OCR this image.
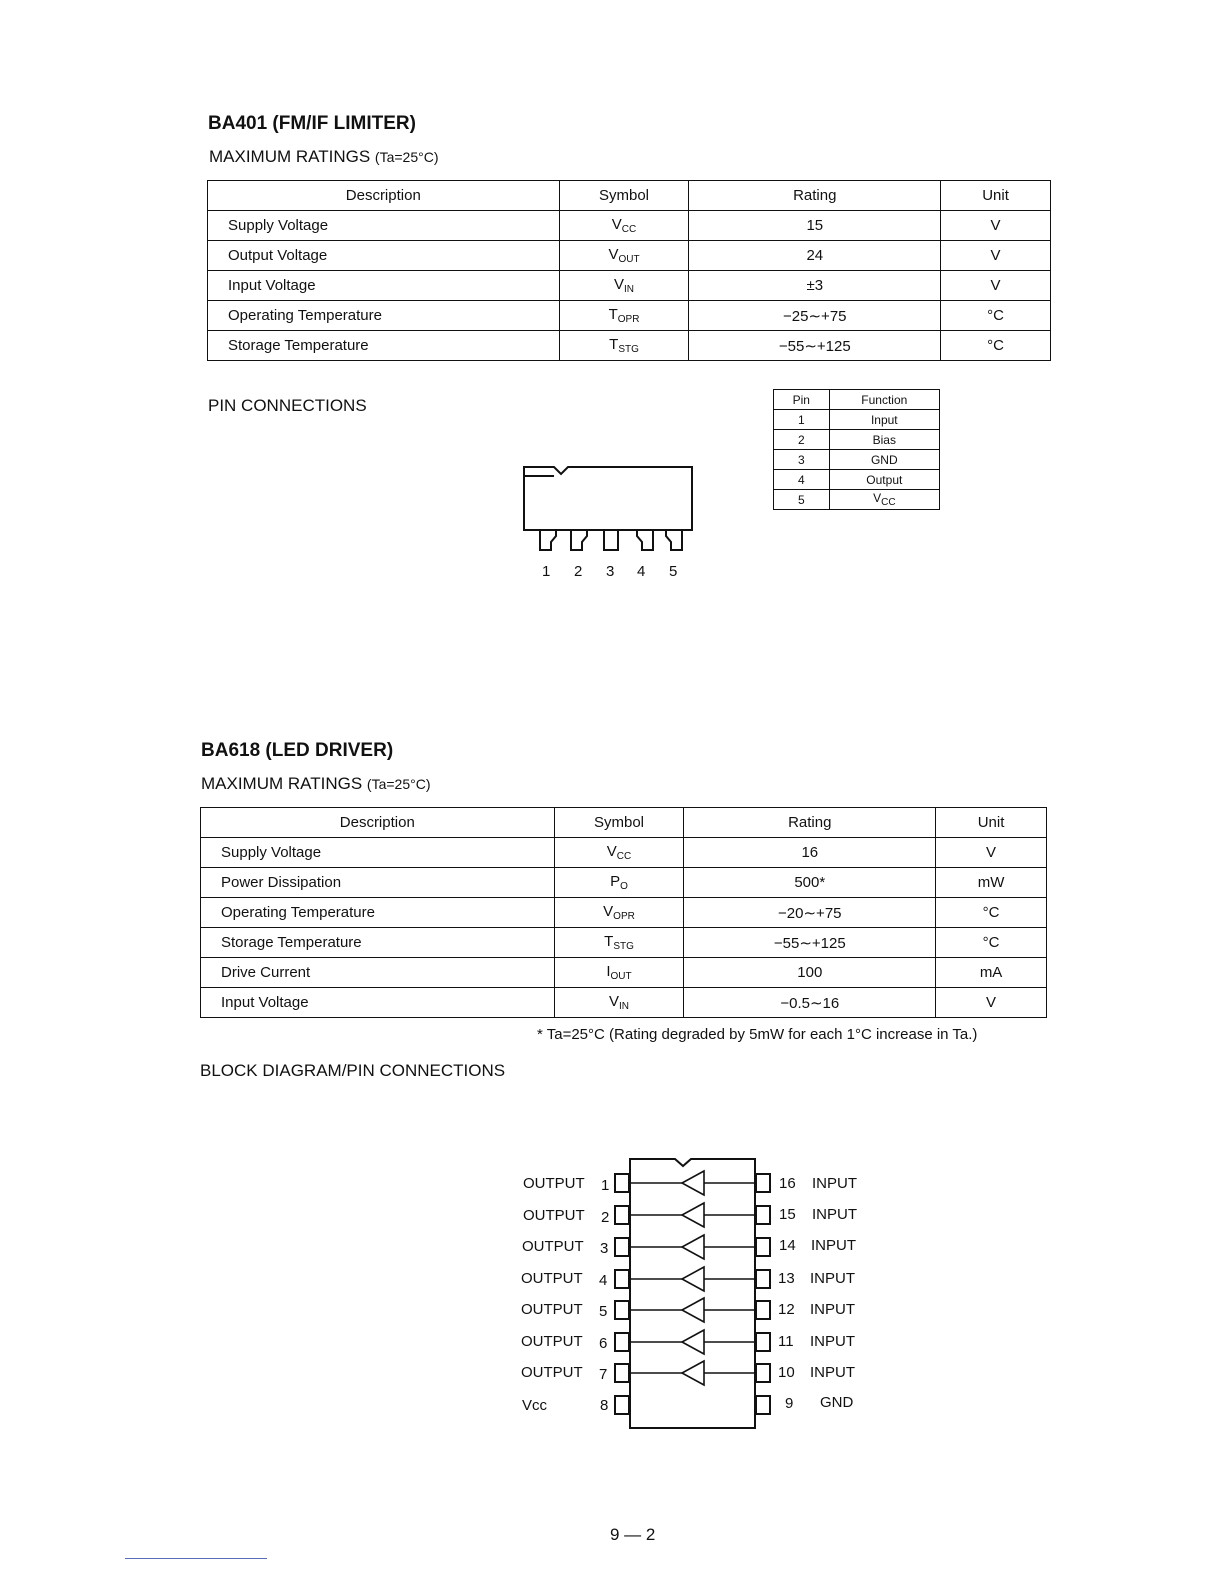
BA401 (FM/IF LIMITER)
MAXIMUM RATINGS (Ta=25°C)
Description	Symbol	Rating	Unit
Supply Voltage	$V_{CC}$	15	V
Output Voltage	$V_{OUT}$	24	V
Input Voltage	$V_{IN}$	±3	V
Operating Temperature	$T_{OPR}$	−25∼+75	°C
Storage Temperature	$T_{STG}$	−55∼+125	°C
PIN CONNECTIONS
1 2 3 4 5
Pin	Function
1	Input
2	Bias
3	GND
4	Output
5	$V_{CC}$
BA618 (LED DRIVER)
MAXIMUM RATINGS (Ta=25°C)
Description	Symbol	Rating	Unit
Supply Voltage	$V_{CC}$	16	V
Power Dissipation	$P_O$	500*	mW
Operating Temperature	$V_{OPR}$	−20∼+75	°C
Storage Temperature	$T_{STG}$	−55∼+125	°C
Drive Current	$I_{OUT}$	100	mA
Input Voltage	$V_{IN}$	−0.5∼16	V
* Ta=25°C (Rating degraded by 5mW for each 1°C increase in Ta.)
BLOCK DIAGRAM/PIN CONNECTIONS
OUTPUT 1
OUTPUT 2
OUTPUT 3
OUTPUT 4
OUTPUT 5
OUTPUT 6
OUTPUT 7
Vcc	8
16 INPUT
15 INPUT
14 INPUT
13 INPUT
12 INPUT
11 INPUT
10 INPUT
9 GND
9 — 2
